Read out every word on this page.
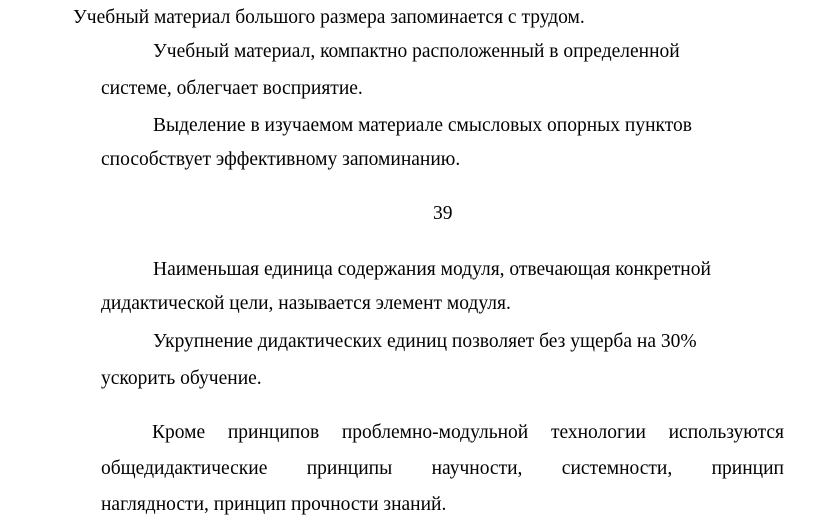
Учебный материал большого размера запоминается с трудом.
Учебный материал, компактно расположенный в определенной
системе, облегчает восприятие.
Выделение в изучаемом материале смысловых опорных пунктов
способствует эффективному запоминанию.
39
Наименьшая единица содержания модуля, отвечающая конкретной
дидактической цели, называется элемент модуля.
Укрупнение дидактических единиц позволяет без ущерба на 30%
ускорить обучение.
Кроме принципов проблемно-модульной технологии используются
общедидактические принципы научности, системности, принцип
наглядности, принцип прочности знаний.
